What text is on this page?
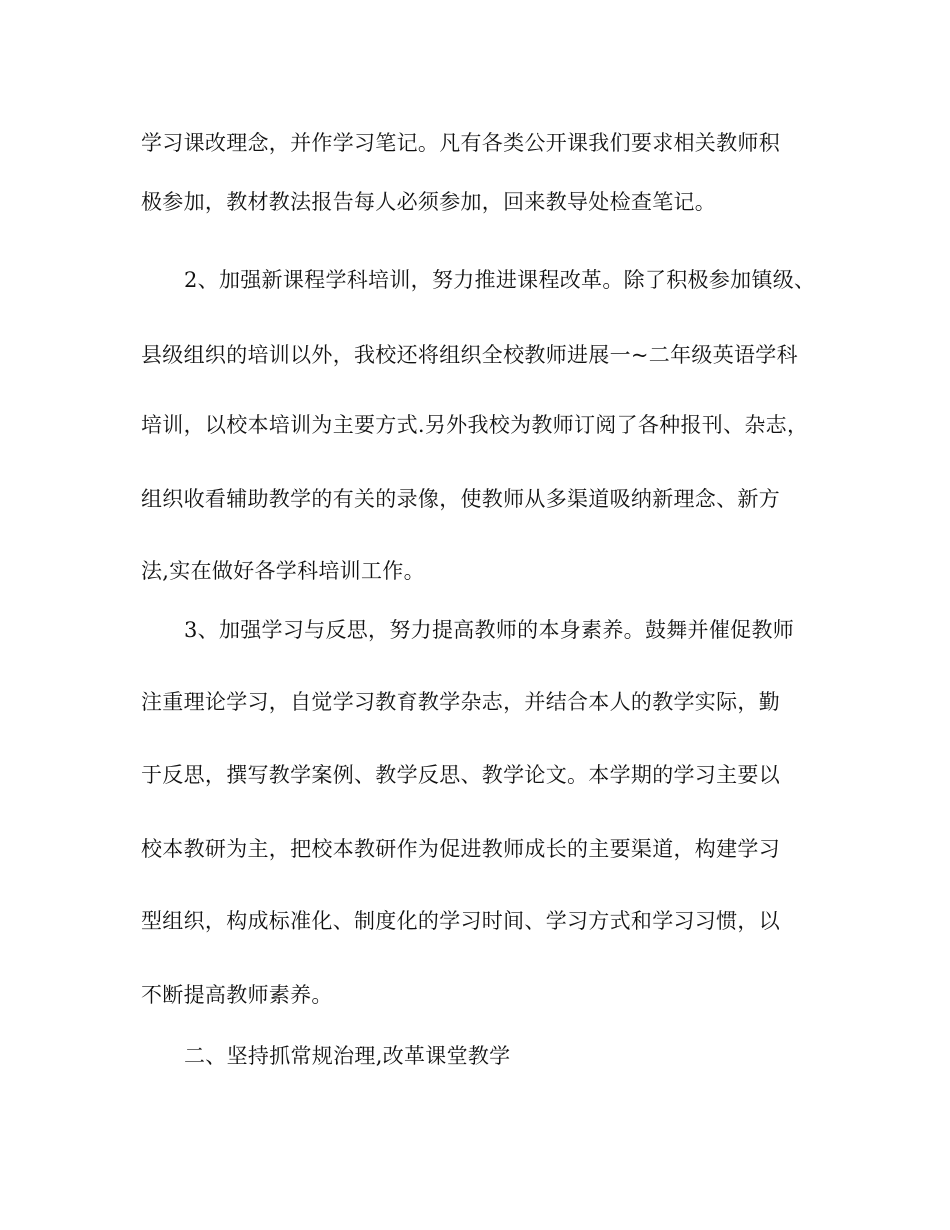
学习课改理念，并作学习笔记。凡有各类公开课我们要求相关教师积

极参加，教材教法报告每人必须参加，回来教导处检查笔记。

2、加强新课程学科培训，努力推进课程改革。除了积极参加镇级、

县级组织的培训以外，我校还将组织全校教师进展一~二年级英语学科

培训，以校本培训为主要方式.另外我校为教师订阅了各种报刊、杂志，

组织收看辅助教学的有关的录像，使教师从多渠道吸纳新理念、新方

法,实在做好各学科培训工作。

3、加强学习与反思，努力提高教师的本身素养。鼓舞并催促教师

注重理论学习，自觉学习教育教学杂志，并结合本人的教学实际，勤

于反思，撰写教学案例、教学反思、教学论文。本学期的学习主要以

校本教研为主，把校本教研作为促进教师成长的主要渠道，构建学习

型组织，构成标准化、制度化的学习时间、学习方式和学习习惯，以

不断提高教师素养。

二、坚持抓常规治理,改革课堂教学
